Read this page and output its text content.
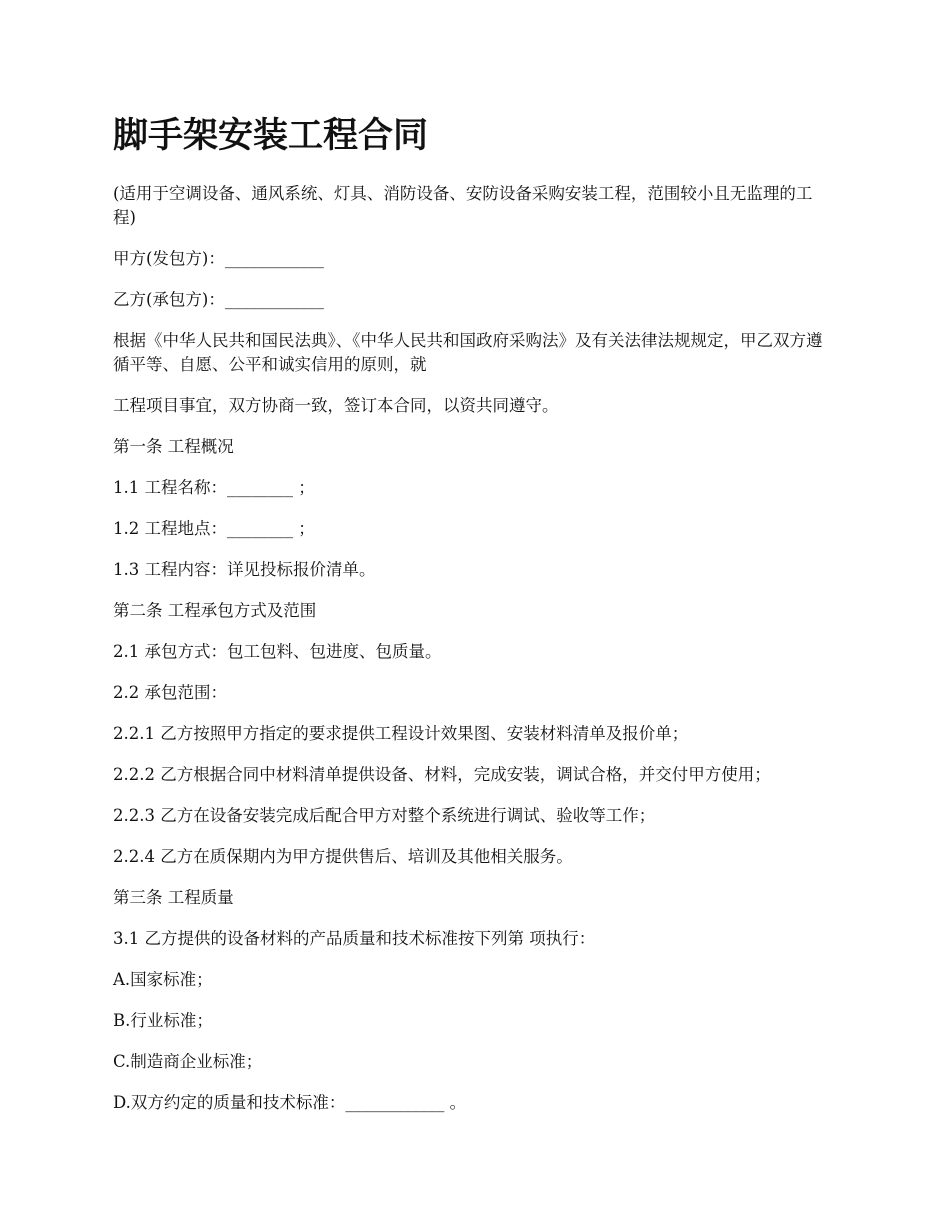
脚手架安装工程合同

(适用于空调设备、通风系统、灯具、消防设备、安防设备采购安装工程，范围较小且无监理的工程)

甲方(发包方)：____________

乙方(承包方)：____________

根据《中华人民共和国民法典》、《中华人民共和国政府采购法》及有关法律法规规定，甲乙双方遵循平等、自愿、公平和诚实信用的原则，就

工程项目事宜，双方协商一致，签订本合同，以资共同遵守。

第一条 工程概况

1.1 工程名称：________ ；

1.2 工程地点：________ ；

1.3 工程内容：详见投标报价清单。

第二条 工程承包方式及范围

2.1 承包方式：包工包料、包进度、包质量。

2.2 承包范围：

2.2.1 乙方按照甲方指定的要求提供工程设计效果图、安装材料清单及报价单；

2.2.2 乙方根据合同中材料清单提供设备、材料，完成安装，调试合格，并交付甲方使用；

2.2.3 乙方在设备安装完成后配合甲方对整个系统进行调试、验收等工作；

2.2.4 乙方在质保期内为甲方提供售后、培训及其他相关服务。

第三条 工程质量

3.1 乙方提供的设备材料的产品质量和技术标准按下列第 项执行：

A.国家标准；

B.行业标准；

C.制造商企业标准；

D.双方约定的质量和技术标准：____________ 。
